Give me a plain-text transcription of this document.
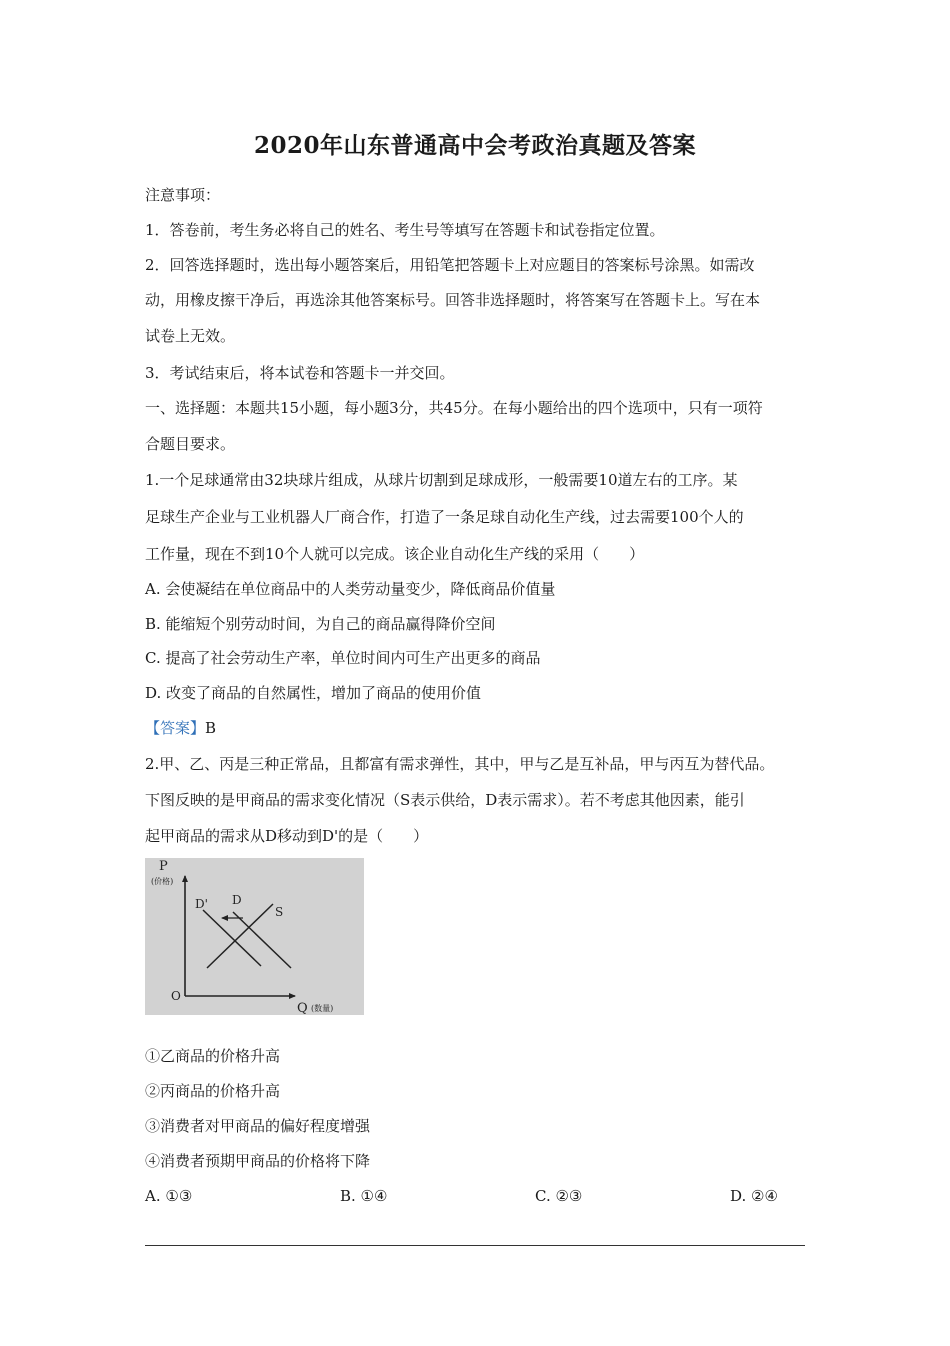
2020年山东普通高中会考政治真题及答案
注意事项：
1．答卷前，考生务必将自己的姓名、考生号等填写在答题卡和试卷指定位置。
2．回答选择题时，选出每小题答案后，用铅笔把答题卡上对应题目的答案标号涂黑。如需改
动，用橡皮擦干净后，再选涂其他答案标号。回答非选择题时，将答案写在答题卡上。写在本
试卷上无效。
3．考试结束后，将本试卷和答题卡一并交回。
一、选择题：本题共15小题，每小题3分，共45分。在每小题给出的四个选项中，只有一项符
合题目要求。
1.一个足球通常由32块球片组成，从球片切割到足球成形，一般需要10道左右的工序。某
足球生产企业与工业机器人厂商合作，打造了一条足球自动化生产线，过去需要100个人的
工作量，现在不到10个人就可以完成。该企业自动化生产线的采用（　　）
A. 会使凝结在单位商品中的人类劳动量变少，降低商品价值量
B. 能缩短个别劳动时间，为自己的商品赢得降价空间
C. 提高了社会劳动生产率，单位时间内可生产出更多的商品
D. 改变了商品的自然属性，增加了商品的使用价值
【答案】B
2.甲、乙、丙是三种正常品，且都富有需求弹性，其中，甲与乙是互补品，甲与丙互为替代品。
下图反映的是甲商品的需求变化情况（S表示供给，D表示需求）。若不考虑其他因素，能引
起甲商品的需求从D移动到D'的是（　　）
P
(价格)
O
Q (数量)
D' D
S
①乙商品的价格升高
②丙商品的价格升高
③消费者对甲商品的偏好程度增强
④消费者预期甲商品的价格将下降
A. ①③	B. ①④	C. ②③	D. ②④
